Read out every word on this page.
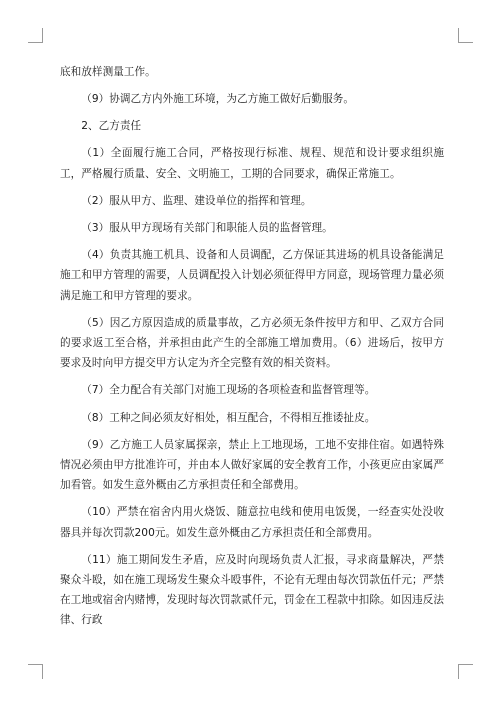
底和放样测量工作。

（9）协调乙方内外施工环境，为乙方施工做好后勤服务。

2、乙方责任

（1）全面履行施工合同，严格按现行标准、规程、规范和设计要求组织施工，严格履行质量、安全、文明施工，工期的合同要求，确保正常施工。

（2）服从甲方、监理、建设单位的指挥和管理。

（3）服从甲方现场有关部门和职能人员的监督管理。

（4）负责其施工机具、设备和人员调配，乙方保证其进场的机具设备能满足施工和甲方管理的需要，人员调配投入计划必须征得甲方同意，现场管理力量必须满足施工和甲方管理的要求。

（5）因乙方原因造成的质量事故，乙方必须无条件按甲方和甲、乙双方合同的要求返工至合格，并承担由此产生的全部施工增加费用。（6）进场后，按甲方要求及时向甲方提交甲方认定为齐全完整有效的相关资料。

（7）全力配合有关部门对施工现场的各项检查和监督管理等。

（8）工种之间必须友好相处，相互配合，不得相互推诿扯皮。

（9）乙方施工人员家属探亲，禁止上工地现场，工地不安排住宿。如遇特殊情况必须由甲方批准许可，并由本人做好家属的安全教育工作，小孩更应由家属严加看管。如发生意外概由乙方承担责任和全部费用。

（10）严禁在宿舍内用火烧饭、随意拉电线和使用电饭煲，一经查实处没收器具并每次罚款200元。如发生意外概由乙方承担责任和全部费用。

（11）施工期间发生矛盾，应及时向现场负责人汇报，寻求商量解决，严禁聚众斗殴，如在施工现场发生聚众斗殴事件，不论有无理由每次罚款伍仟元；严禁在工地或宿舍内赌博，发现时每次罚款贰仟元，罚金在工程款中扣除。如因违反法律、行政
